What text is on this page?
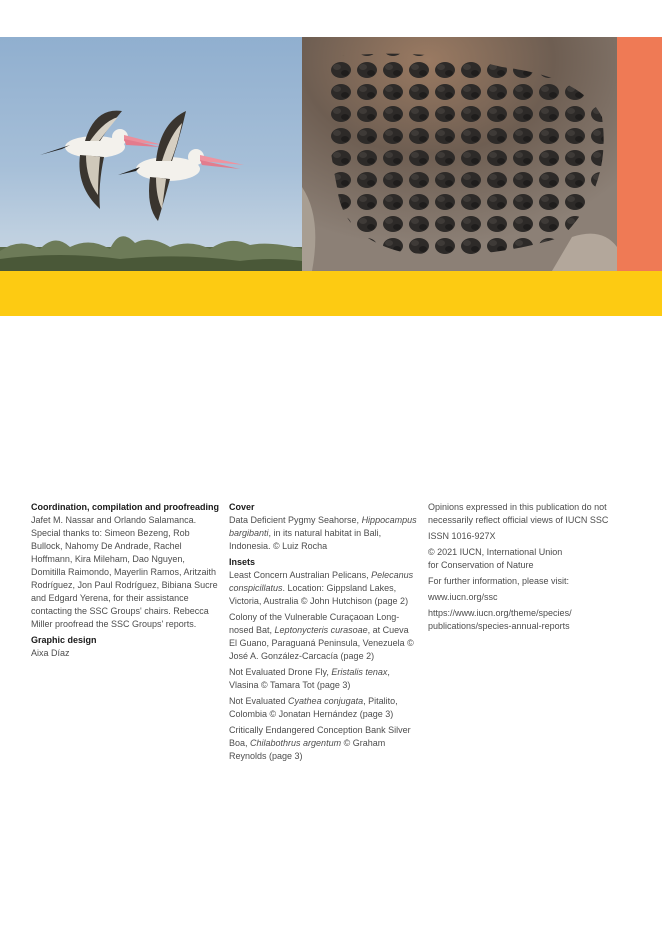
Coordination, compilation and proofreading

Jafet M. Nassar and Orlando Salamanca. Special thanks to: Simeon Bezeng, Rob Bullock, Nahomy De Andrade, Rachel Hoffmann, Kira Mileham, Dao Nguyen, Domitilla Raimondo, Mayerlin Ramos, Aritzaith Rodríguez, Jon Paul Rodríguez, Bibiana Sucre and Edgard Yerena, for their assistance contacting the SSC Groups' chairs. Rebecca Miller proofread the SSC Groups' reports.

Graphic design

Aixa Díaz

Cover

Data Deficient Pygmy Seahorse, Hippocampus bargibanti, in its natural habitat in Bali, Indonesia. © Luiz Rocha

Insets

Least Concern Australian Pelicans, Pelecanus conspicillatus. Location: Gippsland Lakes, Victoria, Australia © John Hutchison (page 2)

Colony of the Vulnerable Curaçaoan Long-nosed Bat, Leptonycteris curasoae, at Cueva El Guano, Paraguaná Peninsula, Venezuela © José A. González-Carcacía (page 2)

Not Evaluated Drone Fly, Eristalis tenax, Vlasina © Tamara Tot (page 3)

Not Evaluated Cyathea conjugata, Pitalito, Colombia © Jonatan Hernández (page 3)

Critically Endangered Conception Bank Silver Boa, Chilabothrus argentum © Graham Reynolds (page 3)

Opinions expressed in this publication do not necessarily reflect official views of IUCN SSC

ISSN 1016-927X

© 2021 IUCN, International Union
for Conservation of Nature

For further information, please visit:

www.iucn.org/ssc

https://www.iucn.org/theme/species/
publications/species-annual-reports
